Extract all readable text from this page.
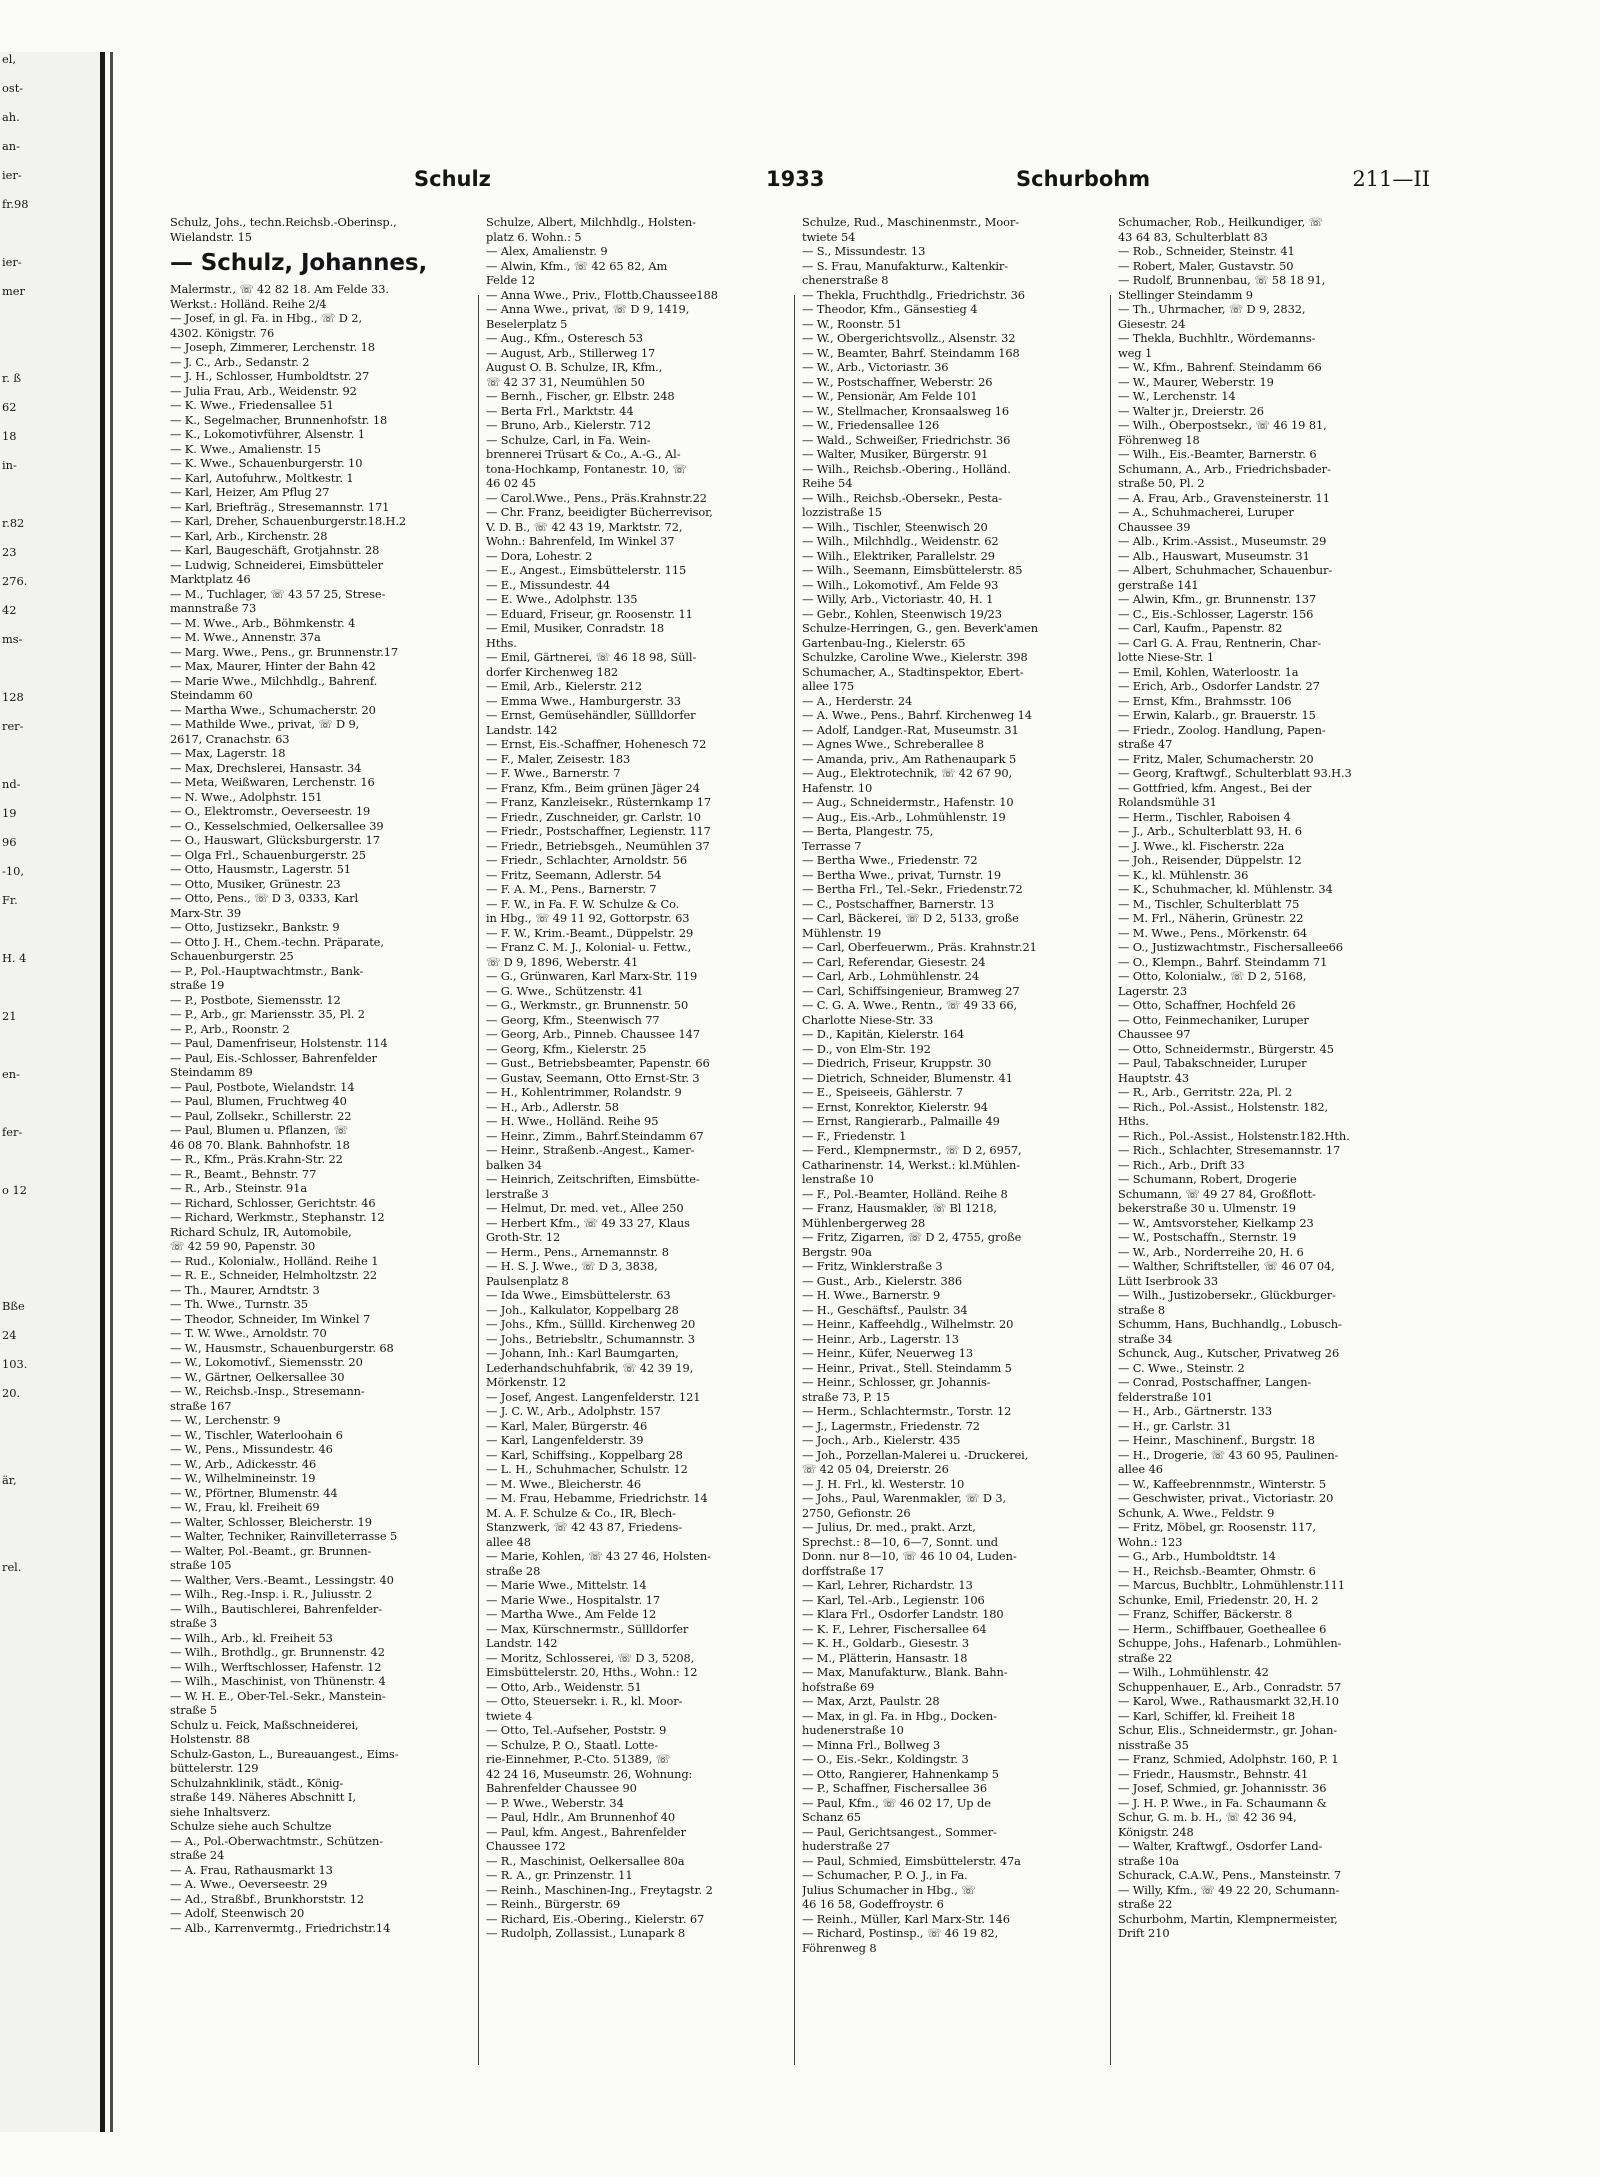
el,
ost-
ah.
an-
ier-
fr.98
ier-
mer
r. ß
62
18
in-
r.82
23
276.
42
ms-
128
rer-
nd-
19
96
-10,
Fr.
H. 4
21
en-
fer-
o 12
Bße
24
103.
20.
är,
rel.
Schulz	1933	Schurbohm	211—II
Schulz, Johs., techn.Reichsb.-Oberinsp.,
Wielandstr. 15
— Schulz, Johannes,
Malermstr., ☏ 42 82 18. Am Felde 33.
Werkst.: Holländ. Reihe 2/4
— Josef, in gl. Fa. in Hbg., ☏ D 2,
4302. Königstr. 76
— Joseph, Zimmerer, Lerchenstr. 18
— J. C., Arb., Sedanstr. 2
— J. H., Schlosser, Humboldtstr. 27
— Julia Frau, Arb., Weidenstr. 92
— K. Wwe., Friedensallee 51
— K., Segelmacher, Brunnenhofstr. 18
— K., Lokomotivführer, Alsenstr. 1
— K. Wwe., Amalienstr. 15
— K. Wwe., Schauenburgerstr. 10
— Karl, Autofuhrw., Moltkestr. 1
— Karl, Heizer, Am Pflug 27
— Karl, Briefträg., Stresemannstr. 171
— Karl, Dreher, Schauenburgerstr.18.H.2
— Karl, Arb., Kirchenstr. 28
— Karl, Baugeschäft, Grotjahnstr. 28
— Ludwig, Schneiderei, Eimsbütteler
Marktplatz 46
— M., Tuchlager, ☏ 43 57 25, Strese-
mannstraße 73
— M. Wwe., Arb., Böhmkenstr. 4
— M. Wwe., Annenstr. 37a
— Marg. Wwe., Pens., gr. Brunnenstr.17
— Max, Maurer, Hinter der Bahn 42
— Marie Wwe., Milchhdlg., Bahrenf.
Steindamm 60
— Martha Wwe., Schumacherstr. 20
— Mathilde Wwe., privat, ☏ D 9,
2617, Cranachstr. 63
— Max, Lagerstr. 18
— Max, Drechslerei, Hansastr. 34
— Meta, Weißwaren, Lerchenstr. 16
— N. Wwe., Adolphstr. 151
— O., Elektromstr., Oeverseestr. 19
— O., Kesselschmied, Oelkersallee 39
— O., Hauswart, Glücksburgerstr. 17
— Olga Frl., Schauenburgerstr. 25
— Otto, Hausmstr., Lagerstr. 51
— Otto, Musiker, Grünestr. 23
— Otto, Pens., ☏ D 3, 0333, Karl
Marx-Str. 39
— Otto, Justizsekr., Bankstr. 9
— Otto J. H., Chem.-techn. Präparate,
Schauenburgerstr. 25
— P., Pol.-Hauptwachtmstr., Bank-
straße 19
— P., Postbote, Siemensstr. 12
— P., Arb., gr. Mariensstr. 35, Pl. 2
— P., Arb., Roonstr. 2
— Paul, Damenfriseur, Holstenstr. 114
— Paul, Eis.-Schlosser, Bahrenfelder
Steindamm 89
— Paul, Postbote, Wielandstr. 14
— Paul, Blumen, Fruchtweg 40
— Paul, Zollsekr., Schillerstr. 22
— Paul, Blumen u. Pflanzen, ☏
46 08 70. Blank. Bahnhofstr. 18
— R., Kfm., Präs.Krahn-Str. 22
— R., Beamt., Behnstr. 77
— R., Arb., Steinstr. 91a
— Richard, Schlosser, Gerichtstr. 46
— Richard, Werkmstr., Stephanstr. 12
Richard Schulz, IR, Automobile,
☏ 42 59 90, Papenstr. 30
— Rud., Kolonialw., Holländ. Reihe 1
— R. E., Schneider, Helmholtzstr. 22
— Th., Maurer, Arndtstr. 3
— Th. Wwe., Turnstr. 35
— Theodor, Schneider, Im Winkel 7
— T. W. Wwe., Arnoldstr. 70
— W., Hausmstr., Schauenburgerstr. 68
— W., Lokomotivf., Siemensstr. 20
— W., Gärtner, Oelkersallee 30
— W., Reichsb.-Insp., Stresemann-
straße 167
— W., Lerchenstr. 9
— W., Tischler, Waterloohain 6
— W., Pens., Missundestr. 46
— W., Arb., Adickesstr. 46
— W., Wilhelmineinstr. 19
— W., Pförtner, Blumenstr. 44
— W., Frau, kl. Freiheit 69
— Walter, Schlosser, Bleicherstr. 19
— Walter, Techniker, Rainvilleterrasse 5
— Walter, Pol.-Beamt., gr. Brunnen-
straße 105
— Walther, Vers.-Beamt., Lessingstr. 40
— Wilh., Reg.-Insp. i. R., Juliusstr. 2
— Wilh., Bautischlerei, Bahrenfelder-
straße 3
— Wilh., Arb., kl. Freiheit 53
— Wilh., Brothdlg., gr. Brunnenstr. 42
— Wilh., Werftschlosser, Hafenstr. 12
— Wilh., Maschinist, von Thünenstr. 4
— W. H. E., Ober-Tel.-Sekr., Manstein-
straße 5
Schulz u. Feick, Maßschneiderei,
Holstenstr. 88
Schulz-Gaston, L., Bureauangest., Eims-
büttelerstr. 129
Schulzahnklinik, städt., König-
straße 149. Näheres Abschnitt I,
siehe Inhaltsverz.
Schulze siehe auch Schultze
— A., Pol.-Oberwachtmstr., Schützen-
straße 24
— A. Frau, Rathausmarkt 13
— A. Wwe., Oeverseestr. 29
— Ad., Straßbf., Brunkhorststr. 12
— Adolf, Steenwisch 20
— Alb., Karrenvermtg., Friedrichstr.14
Schulze, Albert, Milchhdlg., Holsten-
platz 6. Wohn.: 5
— Alex, Amalienstr. 9
— Alwin, Kfm., ☏ 42 65 82, Am
Felde 12
— Anna Wwe., Priv., Flottb.Chaussee188
— Anna Wwe., privat, ☏ D 9, 1419,
Beselerplatz 5
— Aug., Kfm., Osteresch 53
— August, Arb., Stillerweg 17
August O. B. Schulze, IR, Kfm.,
☏ 42 37 31, Neumühlen 50
— Bernh., Fischer, gr. Elbstr. 248
— Berta Frl., Marktstr. 44
— Bruno, Arb., Kielerstr. 712
— Schulze, Carl, in Fa. Wein-
brennerei Trüsart & Co., A.-G., Al-
tona-Hochkamp, Fontanestr. 10, ☏
46 02 45
— Carol.Wwe., Pens., Präs.Krahnstr.22
— Chr. Franz, beeidigter Bücherrevisor,
V. D. B., ☏ 42 43 19, Marktstr. 72,
Wohn.: Bahrenfeld, Im Winkel 37
— Dora, Lohestr. 2
— E., Angest., Eimsbüttelerstr. 115
— E., Missundestr. 44
— E. Wwe., Adolphstr. 135
— Eduard, Friseur, gr. Roosenstr. 11
— Emil, Musiker, Conradstr. 18
Hths.
— Emil, Gärtnerei, ☏ 46 18 98, Süll-
dorfer Kirchenweg 182
— Emil, Arb., Kielerstr. 212
— Emma Wwe., Hamburgerstr. 33
— Ernst, Gemüsehändler, Süllldorfer
Landstr. 142
— Ernst, Eis.-Schaffner, Hohenesch 72
— F., Maler, Zeisestr. 183
— F. Wwe., Barnerstr. 7
— Franz, Kfm., Beim grünen Jäger 24
— Franz, Kanzleisekr., Rüsternkamp 17
— Friedr., Zuschneider, gr. Carlstr. 10
— Friedr., Postschaffner, Legienstr. 117
— Friedr., Betriebsgeh., Neumühlen 37
— Friedr., Schlachter, Arnoldstr. 56
— Fritz, Seemann, Adlerstr. 54
— F. A. M., Pens., Barnerstr. 7
— F. W., in Fa. F. W. Schulze & Co.
in Hbg., ☏ 49 11 92, Gottorpstr. 63
— F. W., Krim.-Beamt., Düppelstr. 29
— Franz C. M. J., Kolonial- u. Fettw.,
☏ D 9, 1896, Weberstr. 41
— G., Grünwaren, Karl Marx-Str. 119
— G. Wwe., Schützenstr. 41
— G., Werkmstr., gr. Brunnenstr. 50
— Georg, Kfm., Steenwisch 77
— Georg, Arb., Pinneb. Chaussee 147
— Georg, Kfm., Kielerstr. 25
— Gust., Betriebsbeamter, Papenstr. 66
— Gustav, Seemann, Otto Ernst-Str. 3
— H., Kohlentrimmer, Rolandstr. 9
— H., Arb., Adlerstr. 58
— H. Wwe., Holländ. Reihe 95
— Heinr., Zimm., Bahrf.Steindamm 67
— Heinr., Straßenb.-Angest., Kamer-
balken 34
— Heinrich, Zeitschriften, Eimsbütte-
lerstraße 3
— Helmut, Dr. med. vet., Allee 250
— Herbert Kfm., ☏ 49 33 27, Klaus
Groth-Str. 12
— Herm., Pens., Arnemannstr. 8
— H. S. J. Wwe., ☏ D 3, 3838,
Paulsenplatz 8
— Ida Wwe., Eimsbüttelerstr. 63
— Joh., Kalkulator, Koppelbarg 28
— Johs., Kfm., Süllld. Kirchenweg 20
— Johs., Betriebsltr., Schumannstr. 3
— Johann, Inh.: Karl Baumgarten,
Lederhandschuhfabrik, ☏ 42 39 19,
Mörkenstr. 12
— Josef, Angest. Langenfelderstr. 121
— J. C. W., Arb., Adolphstr. 157
— Karl, Maler, Bürgerstr. 46
— Karl, Langenfelderstr. 39
— Karl, Schiffsing., Koppelbarg 28
— L. H., Schuhmacher, Schulstr. 12
— M. Wwe., Bleicherstr. 46
— M. Frau, Hebamme, Friedrichstr. 14
M. A. F. Schulze & Co., IR, Blech-
Stanzwerk, ☏ 42 43 87, Friedens-
allee 48
— Marie, Kohlen, ☏ 43 27 46, Holsten-
straße 28
— Marie Wwe., Mittelstr. 14
— Marie Wwe., Hospitalstr. 17
— Martha Wwe., Am Felde 12
— Max, Kürschnermstr., Süllldorfer
Landstr. 142
— Moritz, Schlosserei, ☏ D 3, 5208,
Eimsbüttelerstr. 20, Hths., Wohn.: 12
— Otto, Arb., Weidenstr. 51
— Otto, Steuersekr. i. R., kl. Moor-
twiete 4
— Otto, Tel.-Aufseher, Poststr. 9
— Schulze, P. O., Staatl. Lotte-
rie-Einnehmer, P.-Cto. 51389, ☏
42 24 16, Museumstr. 26, Wohnung:
Bahrenfelder Chaussee 90
— P. Wwe., Weberstr. 34
— Paul, Hdlr., Am Brunnenhof 40
— Paul, kfm. Angest., Bahrenfelder
Chaussee 172
— R., Maschinist, Oelkersallee 80a
— R. A., gr. Prinzenstr. 11
— Reinh., Maschinen-Ing., Freytagstr. 2
— Reinh., Bürgerstr. 69
— Richard, Eis.-Obering., Kielerstr. 67
— Rudolph, Zollassist., Lunapark 8
Schulze, Rud., Maschinenmstr., Moor-
twiete 54
— S., Missundestr. 13
— S. Frau, Manufakturw., Kaltenkir-
chenerstraße 8
— Thekla, Fruchthdlg., Friedrichstr. 36
— Theodor, Kfm., Gänsestieg 4
— W., Roonstr. 51
— W., Obergerichtsvollz., Alsenstr. 32
— W., Beamter, Bahrf. Steindamm 168
— W., Arb., Victoriastr. 36
— W., Postschaffner, Weberstr. 26
— W., Pensionär, Am Felde 101
— W., Stellmacher, Kronsaalsweg 16
— W., Friedensallee 126
— Wald., Schweißer, Friedrichstr. 36
— Walter, Musiker, Bürgerstr. 91
— Wilh., Reichsb.-Obering., Holländ.
Reihe 54
— Wilh., Reichsb.-Obersekr., Pesta-
lozzistraße 15
— Wilh., Tischler, Steenwisch 20
— Wilh., Milchhdlg., Weidenstr. 62
— Wilh., Elektriker, Parallelstr. 29
— Wilh., Seemann, Eimsbüttelerstr. 85
— Wilh., Lokomotivf., Am Felde 93
— Willy, Arb., Victoriastr. 40, H. 1
— Gebr., Kohlen, Steenwisch 19/23
Schulze-Herringen, G., gen. Beverk'amen
Gartenbau-Ing., Kielerstr. 65
Schulzke, Caroline Wwe., Kielerstr. 398
Schumacher, A., Stadtinspektor, Ebert-
allee 175
— A., Herderstr. 24
— A. Wwe., Pens., Bahrf. Kirchenweg 14
— Adolf, Landger.-Rat, Museumstr. 31
— Agnes Wwe., Schreberallee 8
— Amanda, priv., Am Rathenaupark 5
— Aug., Elektrotechnik, ☏ 42 67 90,
Hafenstr. 10
— Aug., Schneidermstr., Hafenstr. 10
— Aug., Eis.-Arb., Lohmühlenstr. 19
— Berta, Plangestr. 75,
Terrasse 7
— Bertha Wwe., Friedenstr. 72
— Bertha Wwe., privat, Turnstr. 19
— Bertha Frl., Tel.-Sekr., Friedenstr.72
— C., Postschaffner, Barnerstr. 13
— Carl, Bäckerei, ☏ D 2, 5133, große
Mühlenstr. 19
— Carl, Oberfeuerwm., Präs. Krahnstr.21
— Carl, Referendar, Giesestr. 24
— Carl, Arb., Lohmühlenstr. 24
— Carl, Schiffsingenieur, Bramweg 27
— C. G. A. Wwe., Rentn., ☏ 49 33 66,
Charlotte Niese-Str. 33
— D., Kapitän, Kielerstr. 164
— D., von Elm-Str. 192
— Diedrich, Friseur, Kruppstr. 30
— Dietrich, Schneider, Blumenstr. 41
— E., Speiseeis, Gählerstr. 7
— Ernst, Konrektor, Kielerstr. 94
— Ernst, Rangierarb., Palmaille 49
— F., Friedenstr. 1
— Ferd., Klempnermstr., ☏ D 2, 6957,
Catharinenstr. 14, Werkst.: kl.Mühlen-
lenstraße 10
— F., Pol.-Beamter, Holländ. Reihe 8
— Franz, Hausmakler, ☏ Bl 1218,
Mühlenbergerweg 28
— Fritz, Zigarren, ☏ D 2, 4755, große
Bergstr. 90a
— Fritz, Winklerstraße 3
— Gust., Arb., Kielerstr. 386
— H. Wwe., Barnerstr. 9
— H., Geschäftsf., Paulstr. 34
— Heinr., Kaffeehdlg., Wilhelmstr. 20
— Heinr., Arb., Lagerstr. 13
— Heinr., Küfer, Neuerweg 13
— Heinr., Privat., Stell. Steindamm 5
— Heinr., Schlosser, gr. Johannis-
straße 73, P. 15
— Herm., Schlachtermstr., Torstr. 12
— J., Lagermstr., Friedenstr. 72
— Joch., Arb., Kielerstr. 435
— Joh., Porzellan-Malerei u. -Druckerei,
☏ 42 05 04, Dreierstr. 26
— J. H. Frl., kl. Westerstr. 10
— Johs., Paul, Warenmakler, ☏ D 3,
2750, Gefionstr. 26
— Julius, Dr. med., prakt. Arzt,
Sprechst.: 8—10, 6—7, Sonnt. und
Donn. nur 8—10, ☏ 46 10 04, Luden-
dorffstraße 17
— Karl, Lehrer, Richardstr. 13
— Karl, Tel.-Arb., Legienstr. 106
— Klara Frl., Osdorfer Landstr. 180
— K. F., Lehrer, Fischersallee 64
— K. H., Goldarb., Giesestr. 3
— M., Plätterin, Hansastr. 18
— Max, Manufakturw., Blank. Bahn-
hofstraße 69
— Max, Arzt, Paulstr. 28
— Max, in gl. Fa. in Hbg., Docken-
hudenerstraße 10
— Minna Frl., Bollweg 3
— O., Eis.-Sekr., Koldingstr. 3
— Otto, Rangierer, Hahnenkamp 5
— P., Schaffner, Fischersallee 36
— Paul, Kfm., ☏ 46 02 17, Up de
Schanz 65
— Paul, Gerichtsangest., Sommer-
huderstraße 27
— Paul, Schmied, Eimsbüttelerstr. 47a
— Schumacher, P. O. J., in Fa.
Julius Schumacher in Hbg., ☏
46 16 58, Godeffroystr. 6
— Reinh., Müller, Karl Marx-Str. 146
— Richard, Postinsp., ☏ 46 19 82,
Föhrenweg 8
Schumacher, Rob., Heilkundiger, ☏
43 64 83, Schulterblatt 83
— Rob., Schneider, Steinstr. 41
— Robert, Maler, Gustavstr. 50
— Rudolf, Brunnenbau, ☏ 58 18 91,
Stellinger Steindamm 9
— Th., Uhrmacher, ☏ D 9, 2832,
Giesestr. 24
— Thekla, Buchhltr., Wördemanns-
weg 1
— W., Kfm., Bahrenf. Steindamm 66
— W., Maurer, Weberstr. 19
— W., Lerchenstr. 14
— Walter jr., Dreierstr. 26
— Wilh., Oberpostsekr., ☏ 46 19 81,
Föhrenweg 18
— Wilh., Eis.-Beamter, Barnerstr. 6
Schumann, A., Arb., Friedrichsbader-
straße 50, Pl. 2
— A. Frau, Arb., Gravensteinerstr. 11
— A., Schuhmacherei, Luruper
Chaussee 39
— Alb., Krim.-Assist., Museumstr. 29
— Alb., Hauswart, Museumstr. 31
— Albert, Schuhmacher, Schauenbur-
gerstraße 141
— Alwin, Kfm., gr. Brunnenstr. 137
— C., Eis.-Schlosser, Lagerstr. 156
— Carl, Kaufm., Papenstr. 82
— Carl G. A. Frau, Rentnerin, Char-
lotte Niese-Str. 1
— Emil, Kohlen, Waterloostr. 1a
— Erich, Arb., Osdorfer Landstr. 27
— Ernst, Kfm., Brahmsstr. 106
— Erwin, Kalarb., gr. Brauerstr. 15
— Friedr., Zoolog. Handlung, Papen-
straße 47
— Fritz, Maler, Schumacherstr. 20
— Georg, Kraftwgf., Schulterblatt 93.H.3
— Gottfried, kfm. Angest., Bei der
Rolandsmühle 31
— Herm., Tischler, Raboisen 4
— J., Arb., Schulterblatt 93, H. 6
— J. Wwe., kl. Fischerstr. 22a
— Joh., Reisender, Düppelstr. 12
— K., kl. Mühlenstr. 36
— K., Schuhmacher, kl. Mühlenstr. 34
— M., Tischler, Schulterblatt 75
— M. Frl., Näherin, Grünestr. 22
— M. Wwe., Pens., Mörkenstr. 64
— O., Justizwachtmstr., Fischersallee66
— O., Klempn., Bahrf. Steindamm 71
— Otto, Kolonialw., ☏ D 2, 5168,
Lagerstr. 23
— Otto, Schaffner, Hochfeld 26
— Otto, Feinmechaniker, Luruper
Chaussee 97
— Otto, Schneidermstr., Bürgerstr. 45
— Paul, Tabakschneider, Luruper
Hauptstr. 43
— R., Arb., Gerritstr. 22a, Pl. 2
— Rich., Pol.-Assist., Holstenstr. 182,
Hths.
— Rich., Pol.-Assist., Holstenstr.182.Hth.
— Rich., Schlachter, Stresemannstr. 17
— Rich., Arb., Drift 33
— Schumann, Robert, Drogerie
Schumann, ☏ 49 27 84, Großflott-
bekerstraße 30 u. Ulmenstr. 19
— W., Amtsvorsteher, Kielkamp 23
— W., Postschaffn., Sternstr. 19
— W., Arb., Norderreihe 20, H. 6
— Walther, Schriftsteller, ☏ 46 07 04,
Lütt Iserbrook 33
— Wilh., Justizobersekr., Glückburger-
straße 8
Schumm, Hans, Buchhandlg., Lobusch-
straße 34
Schunck, Aug., Kutscher, Privatweg 26
— C. Wwe., Steinstr. 2
— Conrad, Postschaffner, Langen-
felderstraße 101
— H., Arb., Gärtnerstr. 133
— H., gr. Carlstr. 31
— Heinr., Maschinenf., Burgstr. 18
— H., Drogerie, ☏ 43 60 95, Paulinen-
allee 46
— W., Kaffeebrennmstr., Winterstr. 5
— Geschwister, privat., Victoriastr. 20
Schunk, A. Wwe., Feldstr. 9
— Fritz, Möbel, gr. Roosenstr. 117,
Wohn.: 123
— G., Arb., Humboldtstr. 14
— H., Reichsb.-Beamter, Ohmstr. 6
— Marcus, Buchbltr., Lohmühlenstr.111
Schunke, Emil, Friedenstr. 20, H. 2
— Franz, Schiffer, Bäckerstr. 8
— Herm., Schiffbauer, Goetheallee 6
Schuppe, Johs., Hafenarb., Lohmühlen-
straße 22
— Wilh., Lohmühlenstr. 42
Schuppenhauer, E., Arb., Conradstr. 57
— Karol, Wwe., Rathausmarkt 32,H.10
— Karl, Schiffer, kl. Freiheit 18
Schur, Elis., Schneidermstr., gr. Johan-
nisstraße 35
— Franz, Schmied, Adolphstr. 160, P. 1
— Friedr., Hausmstr., Behnstr. 41
— Josef, Schmied, gr. Johannisstr. 36
— J. H. P. Wwe., in Fa. Schaumann &
Schur, G. m. b. H., ☏ 42 36 94,
Königstr. 248
— Walter, Kraftwgf., Osdorfer Land-
straße 10a
Schurack, C.A.W., Pens., Mansteinstr. 7
— Willy, Kfm., ☏ 49 22 20, Schumann-
straße 22
Schurbohm, Martin, Klempnermeister,
Drift 210
